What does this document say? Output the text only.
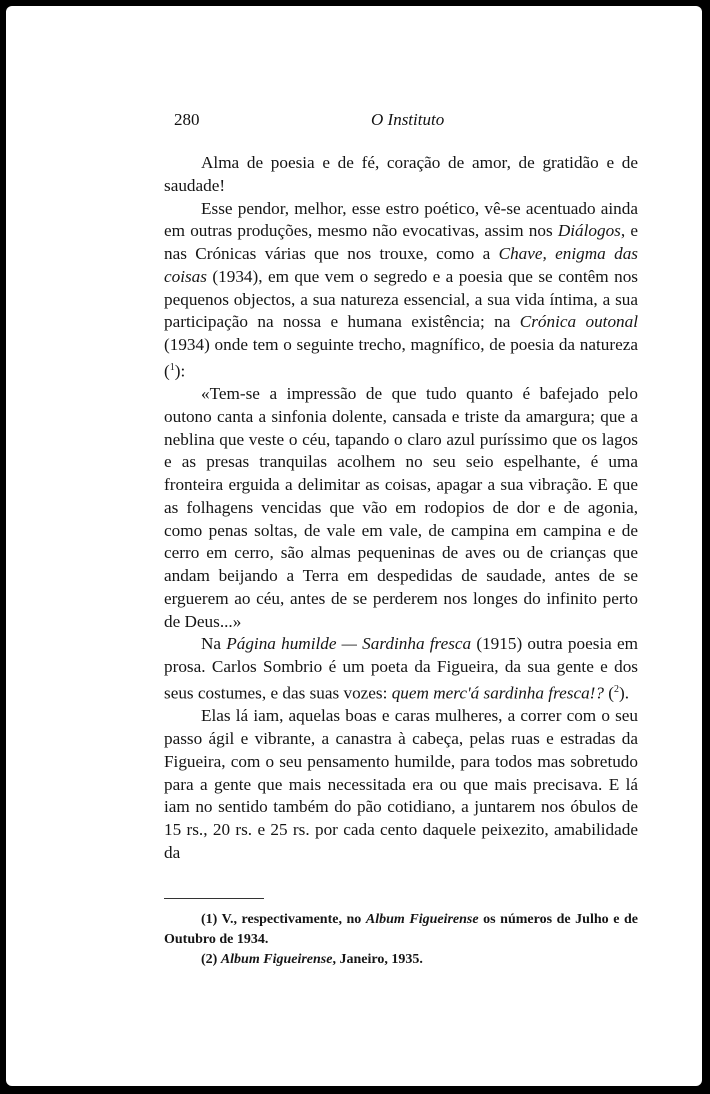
280	O Instituto

Alma de poesia e de fé, coração de amor, de gratidão e de saudade!

Esse pendor, melhor, esse estro poético, vê-se acentuado ainda em outras produções, mesmo não evocativas, assim nos Diálogos, e nas Crónicas várias que nos trouxe, como a Chave, enigma das coisas (1934), em que vem o segredo e a poesia que se contêm nos pequenos objectos, a sua natureza essencial, a sua vida íntima, a sua participação na nossa e humana existência; na Crónica outonal (1934) onde tem o seguinte trecho, magnífico, de poesia da natureza ($^1$):

«Tem-se a impressão de que tudo quanto é bafejado pelo outono canta a sinfonia dolente, cansada e triste da amargura; que a neblina que veste o céu, tapando o claro azul puríssimo que os lagos e as presas tranquilas acolhem no seu seio espelhante, é uma fronteira erguida a delimitar as coisas, apagar a sua vibração. E que as folhagens vencidas que vão em rodopios de dor e de agonia, como penas soltas, de vale em vale, de campina em campina e de cerro em cerro, são almas pequeninas de aves ou de crianças que andam beijando a Terra em despedidas de saudade, antes de se erguerem ao céu, antes de se perderem nos longes do infinito perto de Deus...»

Na Página humilde — Sardinha fresca (1915) outra poesia em prosa. Carlos Sombrio é um poeta da Figueira, da sua gente e dos seus costumes, e das suas vozes: quem merc'á sardinha fresca!? ($^2$).

Elas lá iam, aquelas boas e caras mulheres, a correr com o seu passo ágil e vibrante, a canastra à cabeça, pelas ruas e estradas da Figueira, com o seu pensamento humilde, para todos mas sobretudo para a gente que mais necessitada era ou que mais precisava. E lá iam no sentido também do pão cotidiano, a juntarem nos óbulos de 15 rs., 20 rs. e 25 rs. por cada cento daquele peixezito, amabilidade da

(1) V., respectivamente, no Album Figueirense os números de Julho e de Outubro de 1934.

(2) Album Figueirense, Janeiro, 1935.
